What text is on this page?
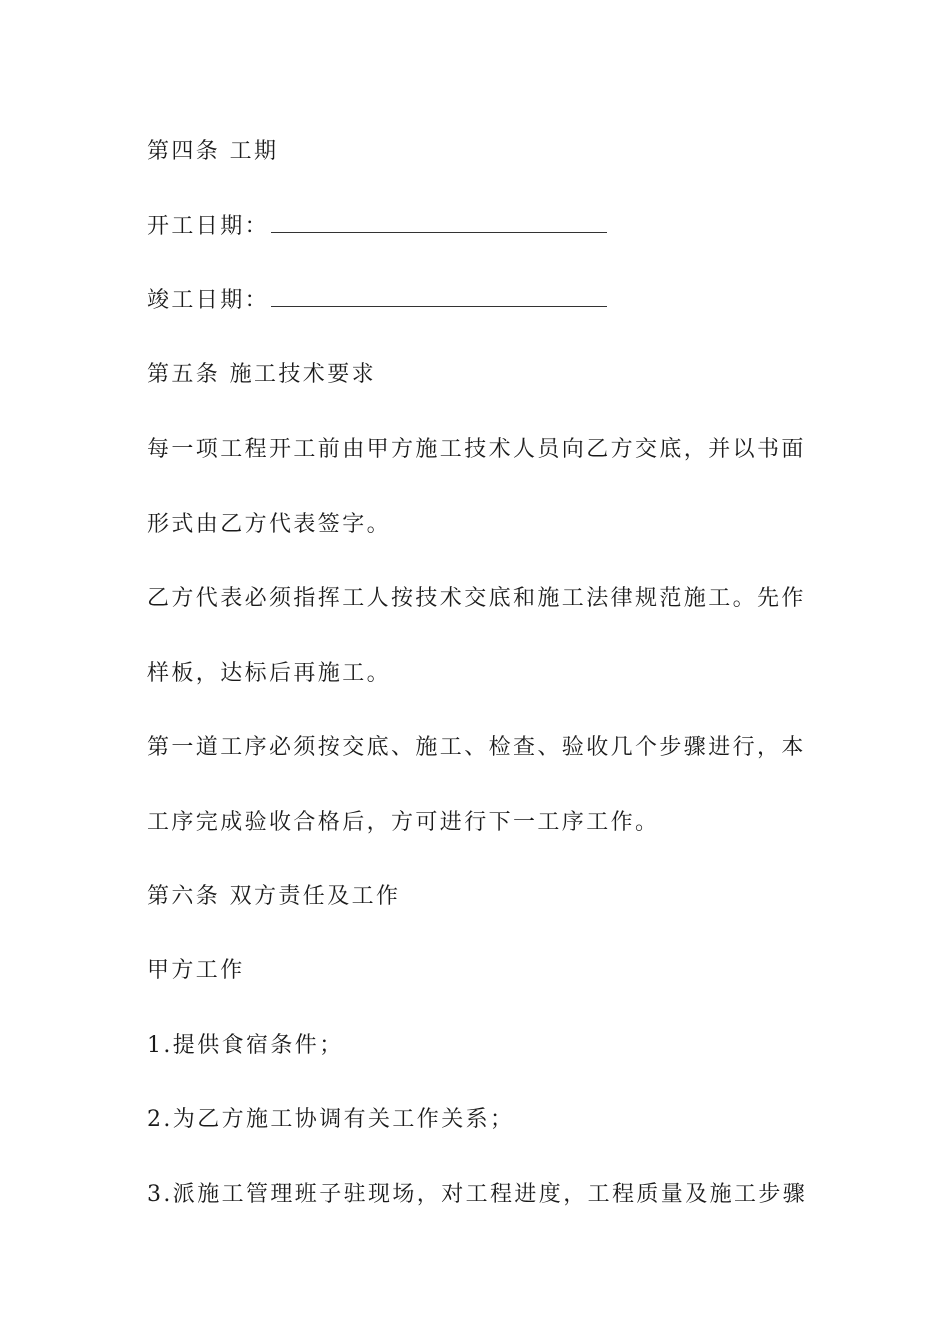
第四条 工期
开工日期：
竣工日期：
第五条 施工技术要求
每一项工程开工前由甲方施工技术人员向乙方交底，并以书面
形式由乙方代表签字。
乙方代表必须指挥工人按技术交底和施工法律规范施工。先作
样板，达标后再施工。
第一道工序必须按交底、施工、检查、验收几个步骤进行，本
工序完成验收合格后，方可进行下一工序工作。
第六条 双方责任及工作
甲方工作
1.提供食宿条件；
2.为乙方施工协调有关工作关系；
3.派施工管理班子驻现场，对工程进度，工程质量及施工步骤
